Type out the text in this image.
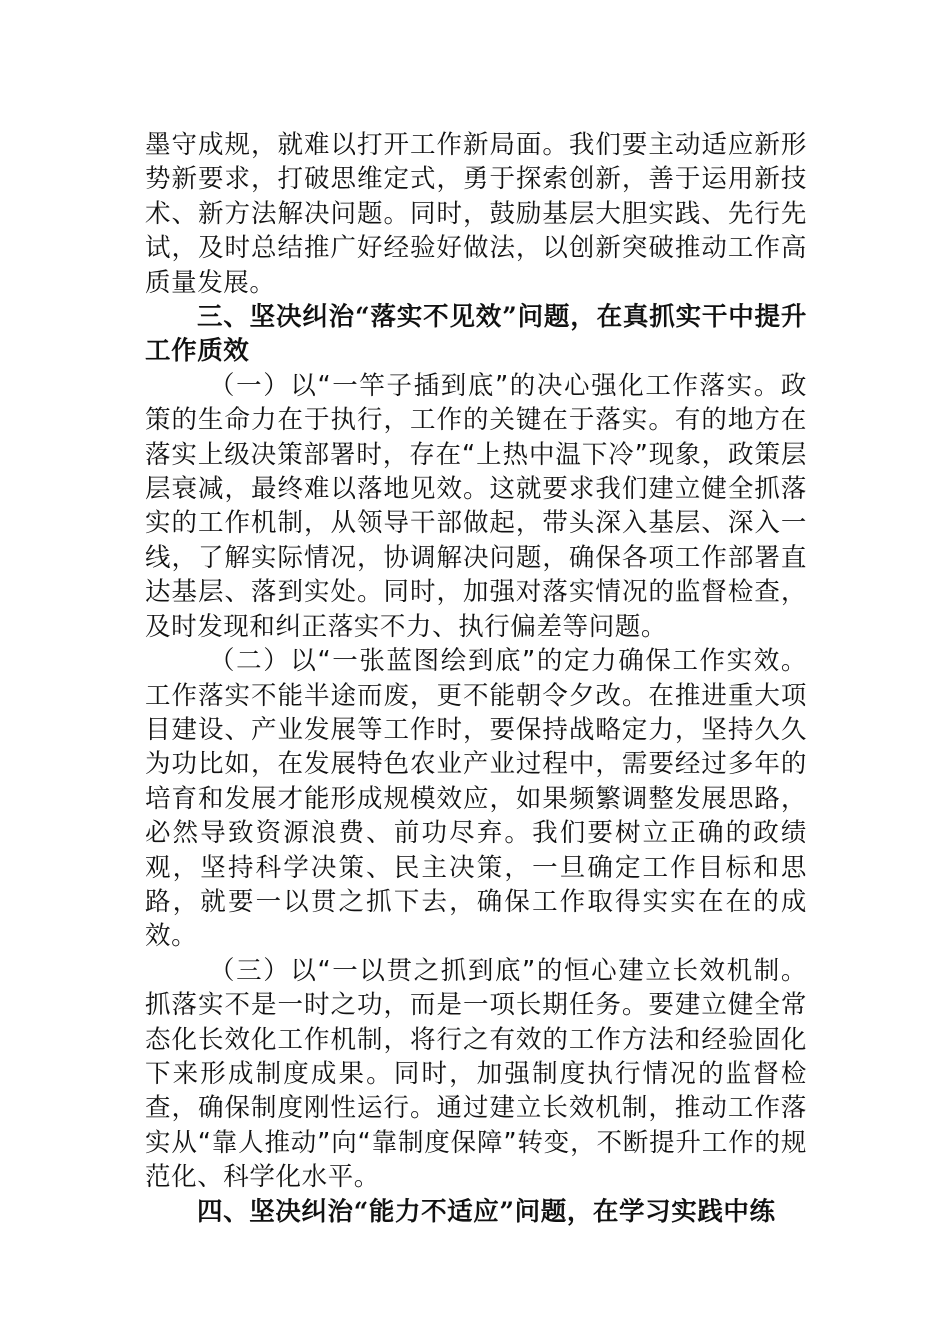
墨守成规，就难以打开工作新局面。我们要主动适应新形势新要求，打破思维定式，勇于探索创新，善于运用新技术、新方法解决问题。同时，鼓励基层大胆实践、先行先试，及时总结推广好经验好做法，以创新突破推动工作高质量发展。

三、坚决纠治“落实不见效”问题，在真抓实干中提升工作质效

（一）以“一竿子插到底”的决心强化工作落实。政策的生命力在于执行，工作的关键在于落实。有的地方在落实上级决策部署时，存在“上热中温下冷”现象，政策层层衰减，最终难以落地见效。这就要求我们建立健全抓落实的工作机制，从领导干部做起，带头深入基层、深入一线，了解实际情况，协调解决问题，确保各项工作部署直达基层、落到实处。同时，加强对落实情况的监督检查，及时发现和纠正落实不力、执行偏差等问题。

（二）以“一张蓝图绘到底”的定力确保工作实效。工作落实不能半途而废，更不能朝令夕改。在推进重大项目建设、产业发展等工作时，要保持战略定力，坚持久久为功比如，在发展特色农业产业过程中，需要经过多年的培育和发展才能形成规模效应，如果频繁调整发展思路，必然导致资源浪费、前功尽弃。我们要树立正确的政绩观，坚持科学决策、民主决策，一旦确定工作目标和思路，就要一以贯之抓下去，确保工作取得实实在在的成效。

（三）以“一以贯之抓到底”的恒心建立长效机制。抓落实不是一时之功，而是一项长期任务。要建立健全常态化长效化工作机制，将行之有效的工作方法和经验固化下来形成制度成果。同时，加强制度执行情况的监督检查，确保制度刚性运行。通过建立长效机制，推动工作落实从“靠人推动”向“靠制度保障”转变，不断提升工作的规范化、科学化水平。

四、坚决纠治“能力不适应”问题，在学习实践中练
